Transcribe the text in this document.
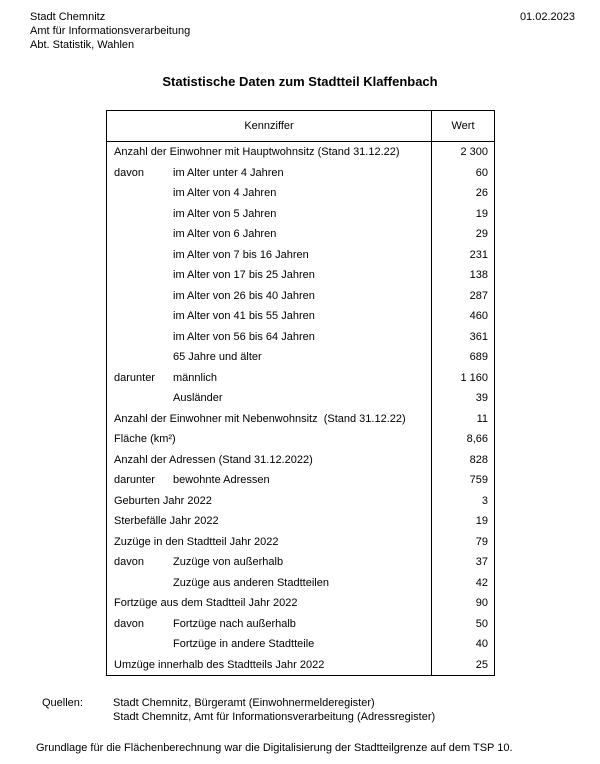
Stadt Chemnitz
Amt für Informationsverarbeitung
Abt. Statistik, Wahlen
01.02.2023
Statistische Daten zum Stadtteil Klaffenbach
Kennziffer	Wert
Anzahl der Einwohner mit Hauptwohnsitz (Stand 31.12.22)	2 300
davon	im Alter unter 4 Jahren	60
im Alter von 4 Jahren	26
im Alter von 5 Jahren	19
im Alter von 6 Jahren	29
im Alter von 7 bis 16 Jahren	231
im Alter von 17 bis 25 Jahren	138
im Alter von 26 bis 40 Jahren	287
im Alter von 41 bis 55 Jahren	460
im Alter von 56 bis 64 Jahren	361
65 Jahre und älter	689
darunter männlich	1 160
Ausländer	39
Anzahl der Einwohner mit Nebenwohnsitz  (Stand 31.12.22)	11
Fläche (km²)	8,66
Anzahl der Adressen (Stand 31.12.2022)	828
darunter bewohnte Adressen	759
Geburten Jahr 2022	3
Sterbefälle Jahr 2022	19
Zuzüge in den Stadtteil Jahr 2022	79
davon	Zuzüge von außerhalb	37
Zuzüge aus anderen Stadtteilen	42
Fortzüge aus dem Stadtteil Jahr 2022	90
davon	Fortzüge nach außerhalb	50
Fortzüge in andere Stadtteile	40
Umzüge innerhalb des Stadtteils Jahr 2022	25
Quellen:	Stadt Chemnitz, Bürgeramt (Einwohnermelderegister)
Stadt Chemnitz, Amt für Informationsverarbeitung (Adressregister)
Grundlage für die Flächenberechnung war die Digitalisierung der Stadtteilgrenze auf dem TSP 10.
